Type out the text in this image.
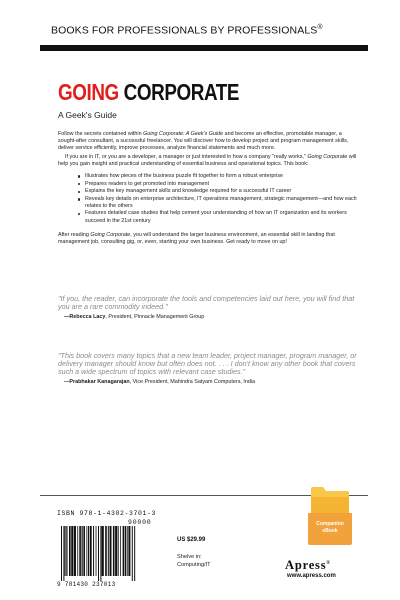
BOOKS FOR PROFESSIONALS BY PROFESSIONALS®
GOING CORPORATE
A Geek's Guide

Follow the secrets contained within Going Corporate: A Geek's Guide and become an effective, promotable manager, a sought-after consultant, a successful freelancer. You will discover how to develop project and program management skills, deliver service efficiently, improve processes, analyze financial statements and much more.

If you are in IT, or you are a developer, a manager or just interested in how a company "really works," Going Corporate will help you gain insight and practical understanding of essential business and operational topics. This book:

Illustrates how pieces of the business puzzle fit together to form a robust enterprise
Prepares readers to get promoted into management
Explains the key management skills and knowledge required for a successful IT career
Reveals key details on enterprise architecture, IT operations management, strategic management—and how each relates to the others
Features detailed case studies that help cement your understanding of how an IT organization and its workers succeed in the 21st century

After reading Going Corporate, you will understand the larger business environment, an essential skill in landing that management job, consulting gig, or, even, starting your own business. Get ready to move on up!

"If you, the reader, can incorporate the tools and competencies laid out here, you will find that you are a rare commodity indeed."

—Rebecca Lacy, President, Pinnacle Management Group

"This book covers many topics that a new team leader, project manager, program manager, or delivery manager should know but often does not. . . . I don't know any other book that covers such a wide spectrum of topics with relevant case studies."

—Prabhakar Kanagarajan, Vice President, Mahindra Satyam Computers, India
ISBN 978-1-4302-3701-3
90000
9 781430 237013
US $29.99
Shelve in:
Computing/IT
Companion
eBook
Apress®
www.apress.com
